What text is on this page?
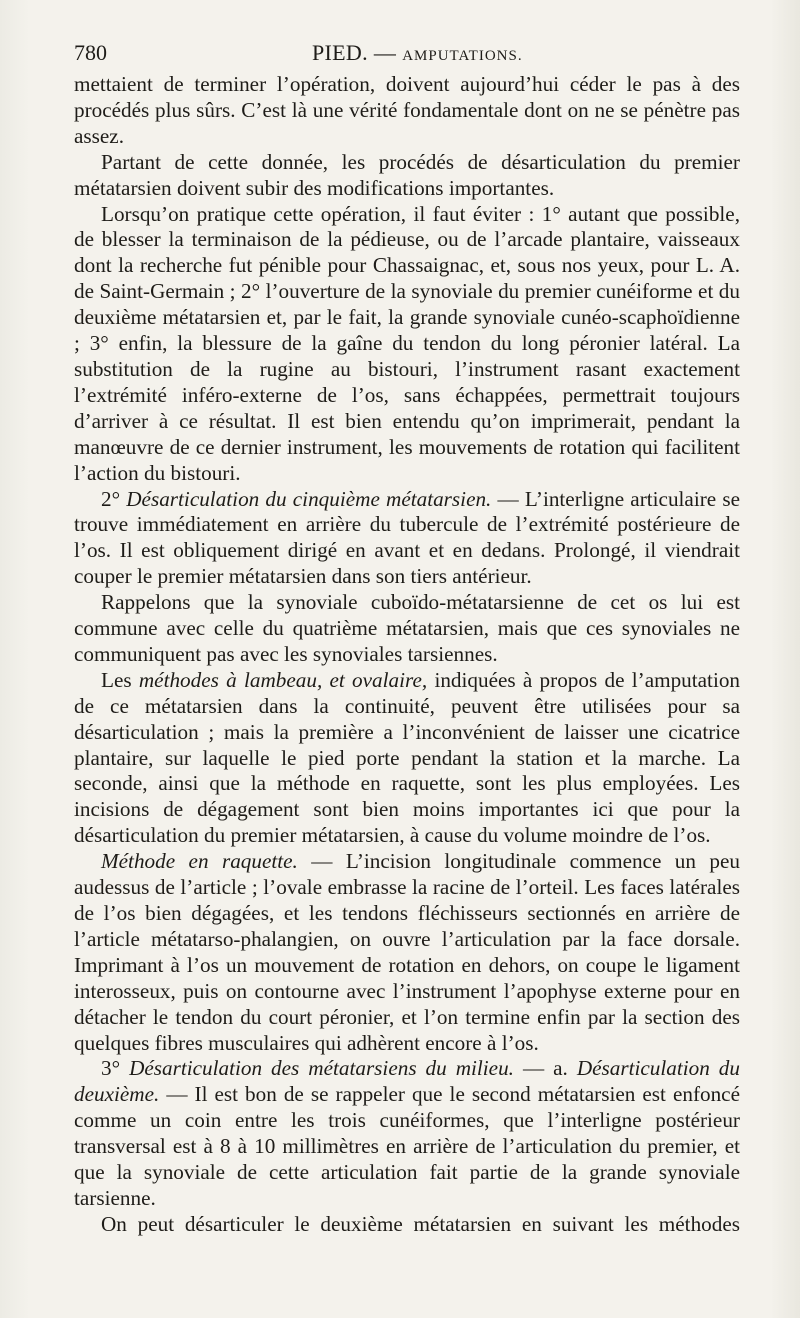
780	PIED. — AMPUTATIONS.

mettaient de terminer l’opération, doivent aujourd’hui céder le pas à des procédés plus sûrs. C’est là une vérité fondamentale dont on ne se pénètre pas assez.

Partant de cette donnée, les procédés de désarticulation du premier métatarsien doivent subir des modifications importantes.

Lorsqu’on pratique cette opération, il faut éviter : 1° autant que possible, de blesser la terminaison de la pédieuse, ou de l’arcade plantaire, vaisseaux dont la recherche fut pénible pour Chassaignac, et, sous nos yeux, pour L. A. de Saint-Germain ; 2° l’ouverture de la synoviale du premier cunéiforme et du deuxième métatarsien et, par le fait, la grande synoviale cunéo-scaphoïdienne ; 3° enfin, la blessure de la gaîne du tendon du long péronier latéral. La substitution de la rugine au bistouri, l’instrument rasant exactement l’extrémité inféro-externe de l’os, sans échappées, permettrait toujours d’arriver à ce résultat. Il est bien entendu qu’on imprimerait, pendant la manœuvre de ce dernier instrument, les mouvements de rotation qui facilitent l’action du bistouri.

2° Désarticulation du cinquième métatarsien. — L’interligne articulaire se trouve immédiatement en arrière du tubercule de l’extrémité postérieure de l’os. Il est obliquement dirigé en avant et en dedans. Prolongé, il viendrait couper le premier métatarsien dans son tiers antérieur.

Rappelons que la synoviale cuboïdo-métatarsienne de cet os lui est commune avec celle du quatrième métatarsien, mais que ces synoviales ne communiquent pas avec les synoviales tarsiennes.

Les méthodes à lambeau, et ovalaire, indiquées à propos de l’amputation de ce métatarsien dans la continuité, peuvent être utilisées pour sa désarticulation ; mais la première a l’inconvénient de laisser une cicatrice plantaire, sur laquelle le pied porte pendant la station et la marche. La seconde, ainsi que la méthode en raquette, sont les plus employées. Les incisions de dégagement sont bien moins importantes ici que pour la désarticulation du premier métatarsien, à cause du volume moindre de l’os.

Méthode en raquette. — L’incision longitudinale commence un peu audessus de l’article ; l’ovale embrasse la racine de l’orteil. Les faces latérales de l’os bien dégagées, et les tendons fléchisseurs sectionnés en arrière de l’article métatarso-phalangien, on ouvre l’articulation par la face dorsale. Imprimant à l’os un mouvement de rotation en dehors, on coupe le ligament interosseux, puis on contourne avec l’instrument l’apophyse externe pour en détacher le tendon du court péronier, et l’on termine enfin par la section des quelques fibres musculaires qui adhèrent encore à l’os.

3° Désarticulation des métatarsiens du milieu. — a. Désarticulation du deuxième. — Il est bon de se rappeler que le second métatarsien est enfoncé comme un coin entre les trois cunéiformes, que l’interligne postérieur transversal est à 8 à 10 millimètres en arrière de l’articulation du premier, et que la synoviale de cette articulation fait partie de la grande synoviale tarsienne.

On peut désarticuler le deuxième métatarsien en suivant les méthodes
